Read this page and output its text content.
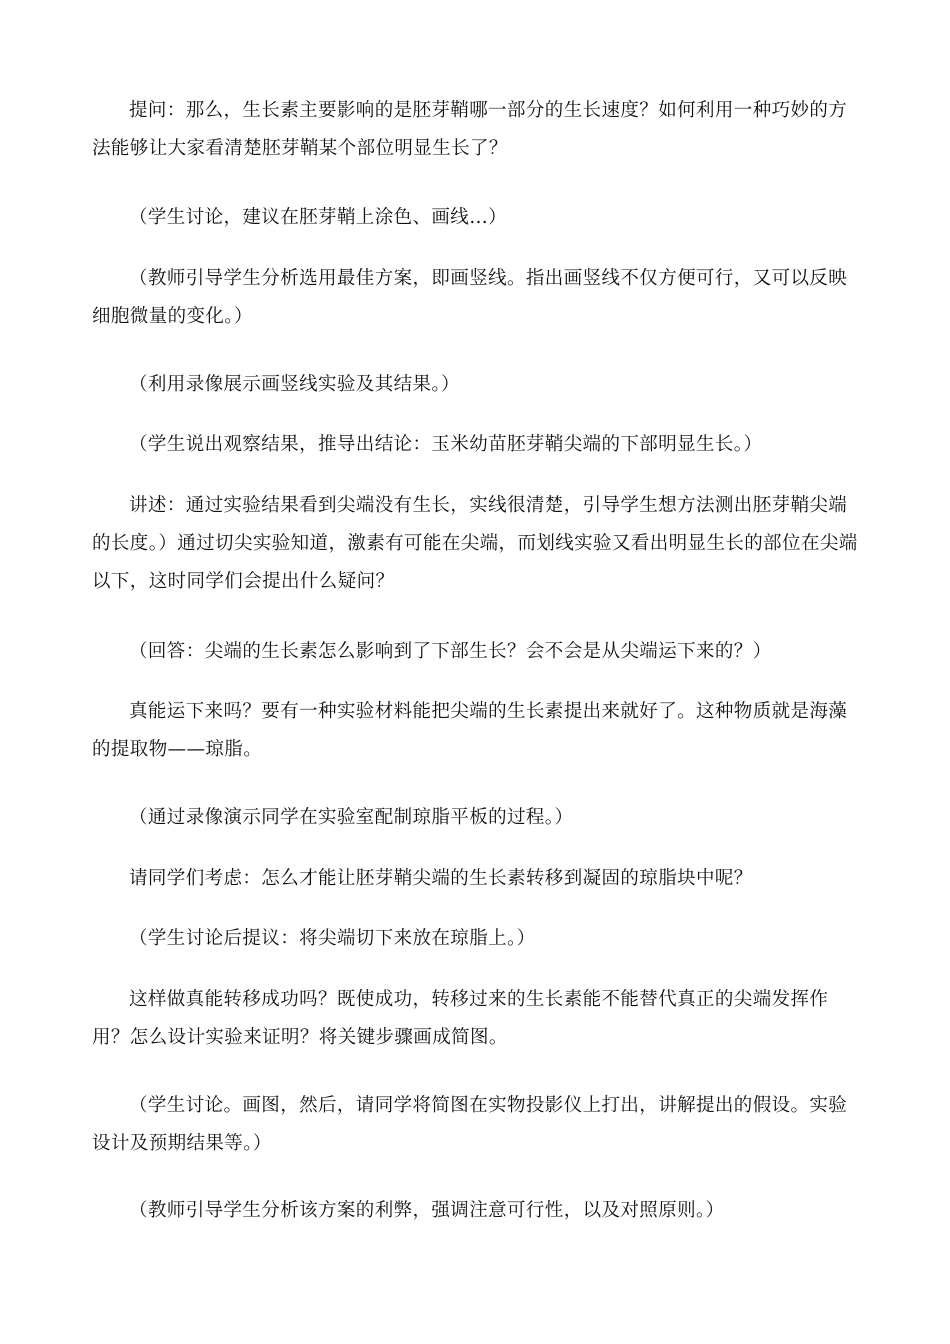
提问：那么，生长素主要影响的是胚芽鞘哪一部分的生长速度？如何利用一种巧妙的方法能够让大家看清楚胚芽鞘某个部位明显生长了？

（学生讨论，建议在胚芽鞘上涂色、画线…）

（教师引导学生分析选用最佳方案，即画竖线。指出画竖线不仅方便可行，又可以反映细胞微量的变化。）

（利用录像展示画竖线实验及其结果。）

（学生说出观察结果，推导出结论：玉米幼苗胚芽鞘尖端的下部明显生长。）

讲述：通过实验结果看到尖端没有生长，实线很清楚，引导学生想方法测出胚芽鞘尖端的长度。）通过切尖实验知道，激素有可能在尖端，而划线实验又看出明显生长的部位在尖端以下，这时同学们会提出什么疑问？

（回答：尖端的生长素怎么影响到了下部生长？会不会是从尖端运下来的？）

真能运下来吗？要有一种实验材料能把尖端的生长素提出来就好了。这种物质就是海藻的提取物——琼脂。

（通过录像演示同学在实验室配制琼脂平板的过程。）

请同学们考虑：怎么才能让胚芽鞘尖端的生长素转移到凝固的琼脂块中呢？

（学生讨论后提议：将尖端切下来放在琼脂上。）

这样做真能转移成功吗？既使成功，转移过来的生长素能不能替代真正的尖端发挥作用？怎么设计实验来证明？将关键步骤画成简图。

（学生讨论。画图，然后，请同学将简图在实物投影仪上打出，讲解提出的假设。实验设计及预期结果等。）

（教师引导学生分析该方案的利弊，强调注意可行性，以及对照原则。）
